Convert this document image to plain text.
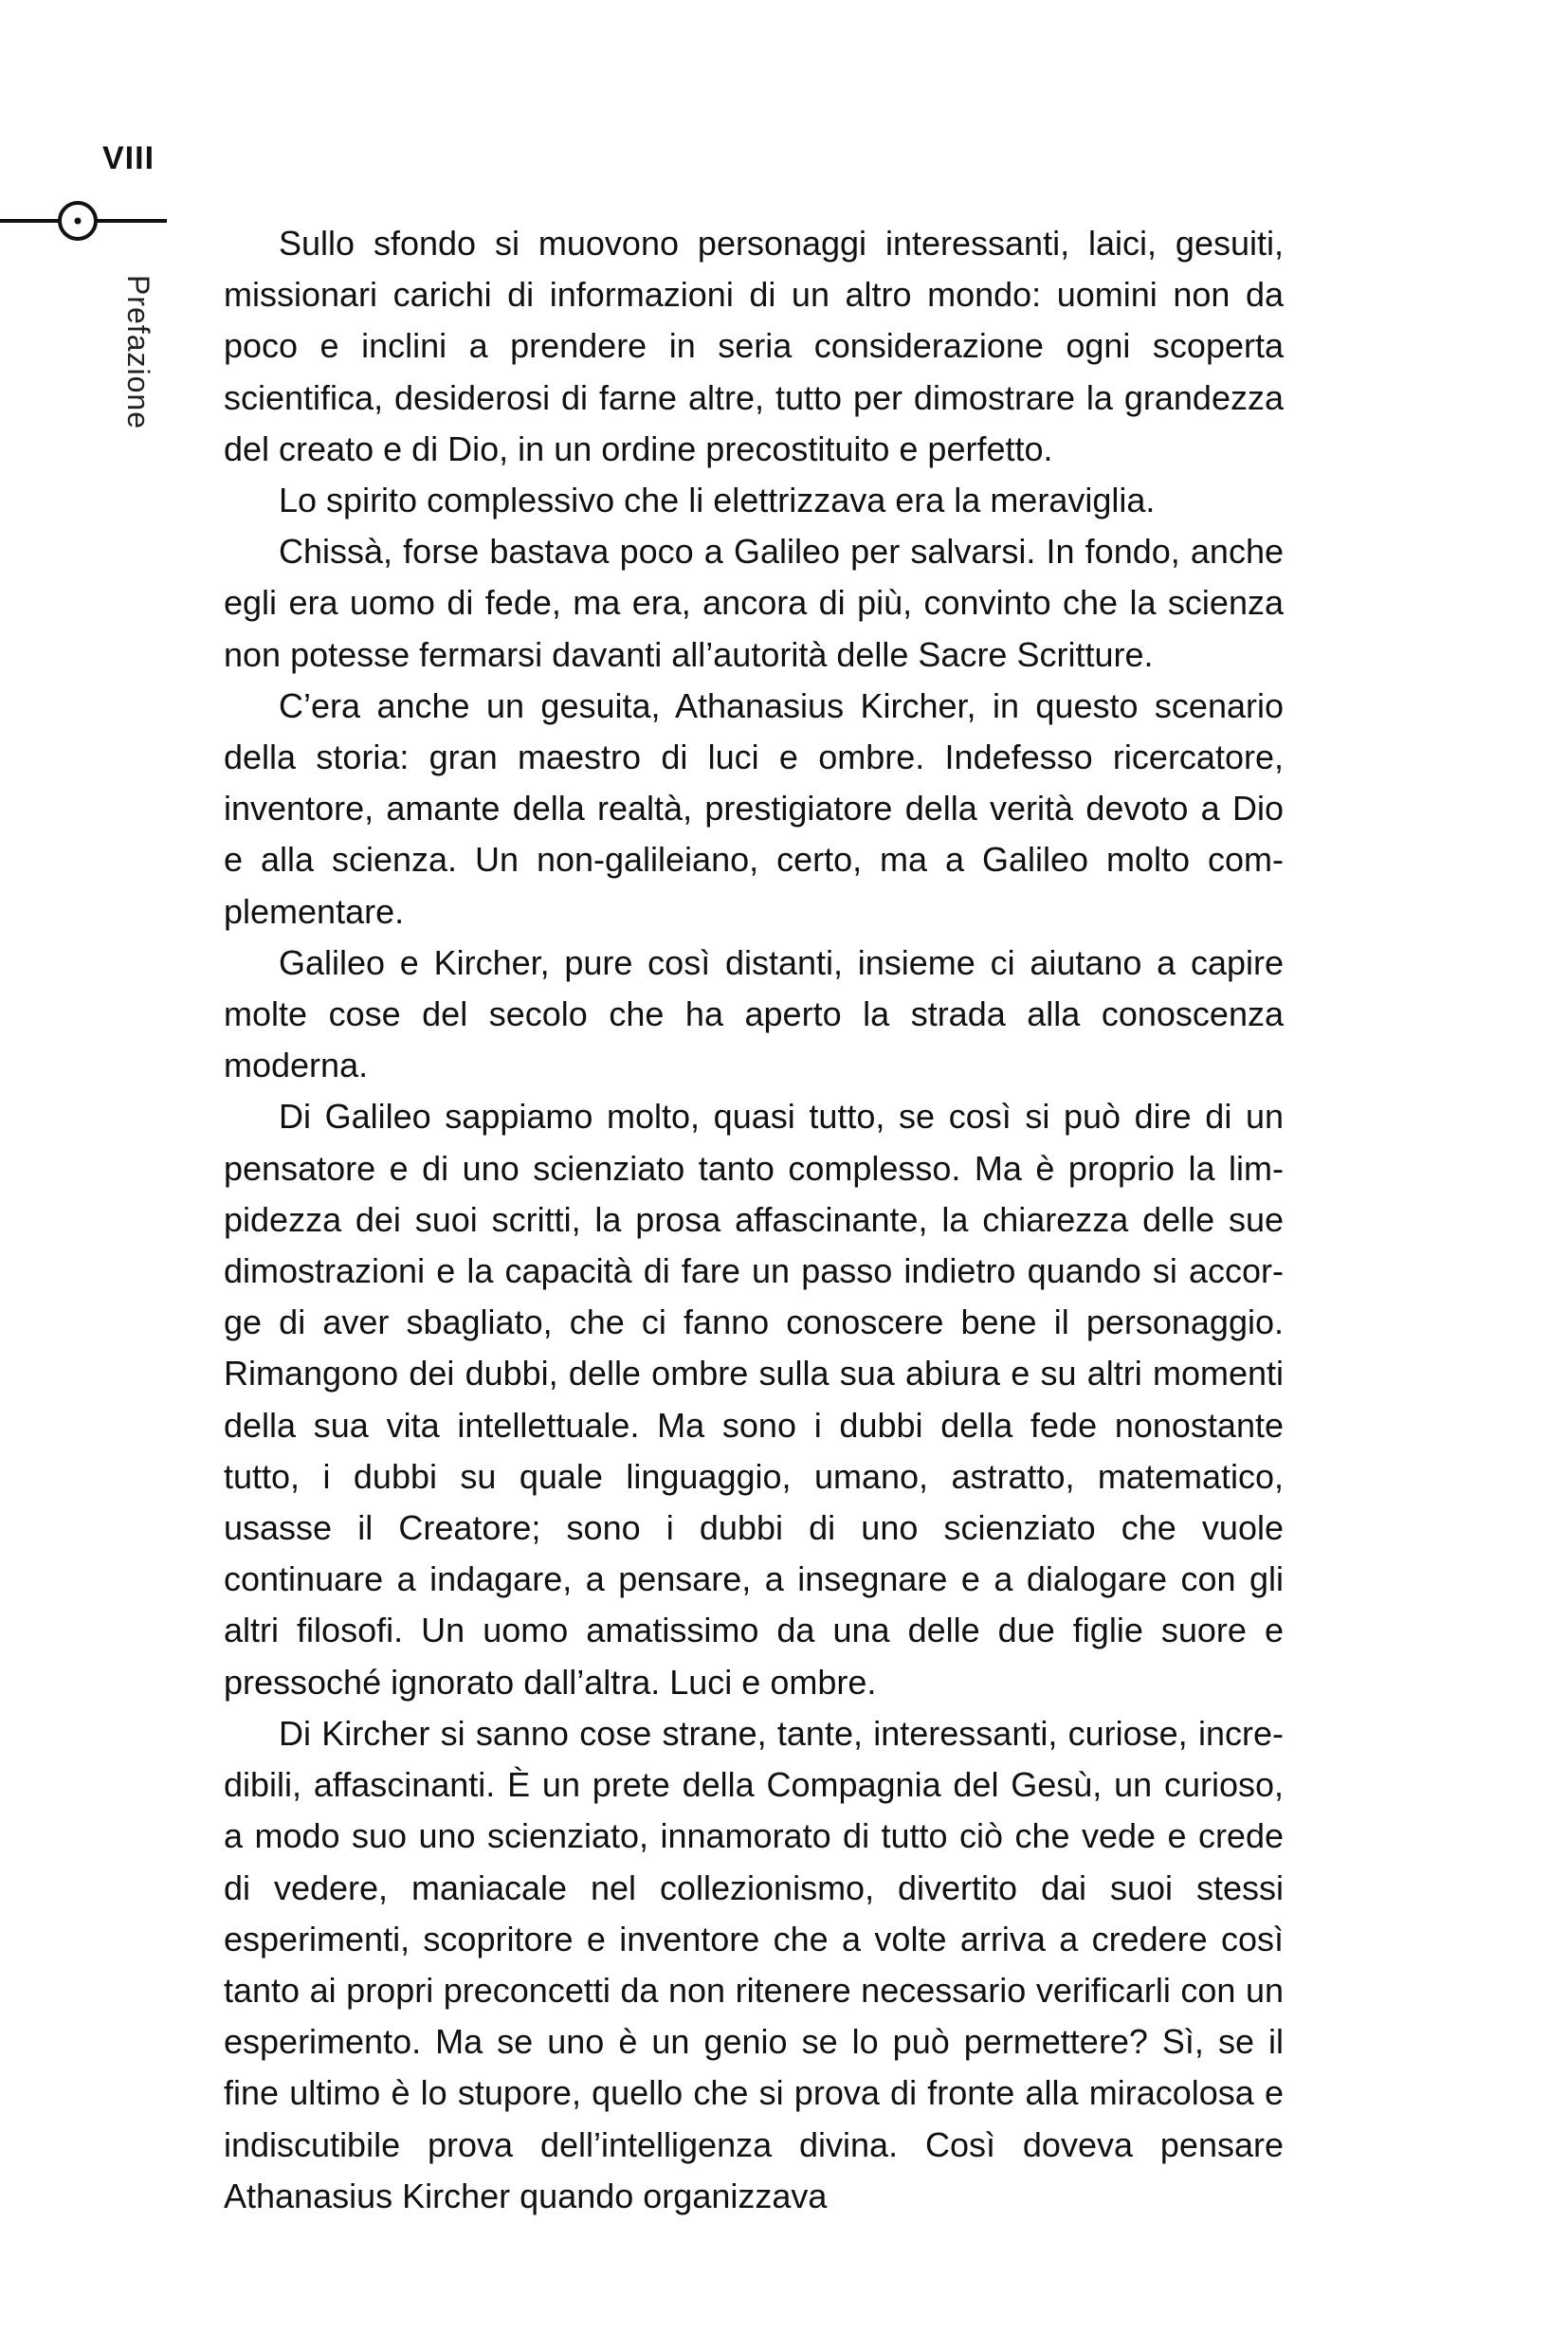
VIII
Prefazione

Sullo sfondo si muovono personaggi interessanti, laici, gesuiti, missionari carichi di informazioni di un altro mondo: uomini non da poco e inclini a prendere in seria considerazione ogni scoperta scientifica, desiderosi di farne altre, tutto per dimostrare la grandezza del creato e di Dio, in un ordine precostituito e perfetto.

Lo spirito complessivo che li elettrizzava era la meraviglia.

Chissà, forse bastava poco a Galileo per salvarsi. In fondo, anche egli era uomo di fede, ma era, ancora di più, convinto che la scienza non potesse fermarsi davanti all’autorità delle Sacre Scritture.

C’era anche un gesuita, Athanasius Kircher, in questo scenario della storia: gran maestro di luci e ombre. Indefesso ricercatore, inventore, amante della realtà, prestigiatore della verità devoto a Dio e alla scienza. Un non-galileiano, certo, ma a Galileo molto complementare.

Galileo e Kircher, pure così distanti, insieme ci aiutano a capire molte cose del secolo che ha aperto la strada alla conoscenza moderna.

Di Galileo sappiamo molto, quasi tutto, se così si può dire di un pensatore e di uno scienziato tanto complesso. Ma è proprio la limpidezza dei suoi scritti, la prosa affascinante, la chiarezza delle sue dimostrazioni e la capacità di fare un passo indietro quando si accorge di aver sbagliato, che ci fanno conoscere bene il personaggio. Rimangono dei dubbi, delle ombre sulla sua abiura e su altri momenti della sua vita intellettuale. Ma sono i dubbi della fede nonostante tutto, i dubbi su quale linguaggio, umano, astratto, matematico, usasse il Creatore; sono i dubbi di uno scienziato che vuole continuare a indagare, a pensare, a insegnare e a dialogare con gli altri filosofi. Un uomo amatissimo da una delle due figlie suore e pressoché ignorato dall’altra. Luci e ombre.

Di Kircher si sanno cose strane, tante, interessanti, curiose, incredibili, affascinanti. È un prete della Compagnia del Gesù, un curioso, a modo suo uno scienziato, innamorato di tutto ciò che vede e crede di vedere, maniacale nel collezionismo, divertito dai suoi stessi esperimenti, scopritore e inventore che a volte arriva a credere così tanto ai propri preconcetti da non ritenere necessario verificarli con un esperimento. Ma se uno è un genio se lo può permettere? Sì, se il fine ultimo è lo stupore, quello che si prova di fronte alla miracolosa e indiscutibile prova dell’intelligenza divina. Così doveva pensare Athanasius Kircher quando organizzava
